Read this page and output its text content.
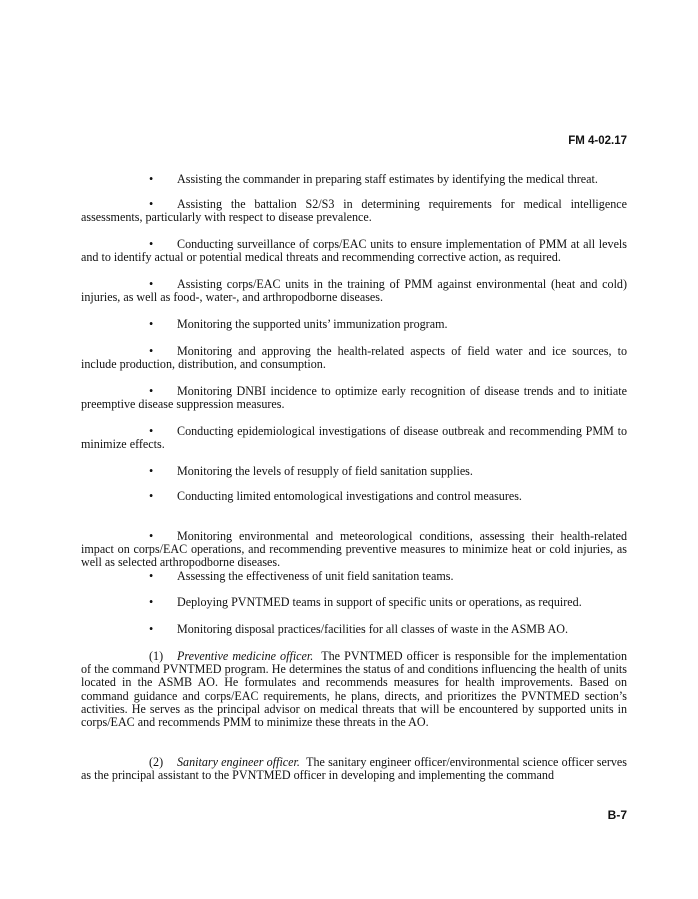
FM 4-02.17
• Assisting the commander in preparing staff estimates by identifying the medical threat.
• Assisting the battalion S2/S3 in determining requirements for medical intelligence assessments, particularly with respect to disease prevalence.
• Conducting surveillance of corps/EAC units to ensure implementation of PMM at all levels and to identify actual or potential medical threats and recommending corrective action, as required.
• Assisting corps/EAC units in the training of PMM against environmental (heat and cold) injuries, as well as food-, water-, and arthropodborne diseases.
• Monitoring the supported units’ immunization program.
• Monitoring and approving the health-related aspects of field water and ice sources, to include production, distribution, and consumption.
• Monitoring DNBI incidence to optimize early recognition of disease trends and to initiate preemptive disease suppression measures.
• Conducting epidemiological investigations of disease outbreak and recommending PMM to minimize effects.
• Monitoring the levels of resupply of field sanitation supplies.
• Conducting limited entomological investigations and control measures.
• Monitoring environmental and meteorological conditions, assessing their health-related impact on corps/EAC operations, and recommending preventive measures to minimize heat or cold injuries, as well as selected arthropodborne diseases.
• Assessing the effectiveness of unit field sanitation teams.
• Deploying PVNTMED teams in support of specific units or operations, as required.
• Monitoring disposal practices/facilities for all classes of waste in the ASMB AO.
(1) Preventive medicine officer. The PVNTMED officer is responsible for the implementation of the command PVNTMED program. He determines the status of and conditions influencing the health of units located in the ASMB AO. He formulates and recommends measures for health improvements. Based on command guidance and corps/EAC requirements, he plans, directs, and prioritizes the PVNTMED section’s activities. He serves as the principal advisor on medical threats that will be encountered by supported units in corps/EAC and recommends PMM to minimize these threats in the AO.
(2) Sanitary engineer officer. The sanitary engineer officer/environmental science officer serves as the principal assistant to the PVNTMED officer in developing and implementing the command
B-7
